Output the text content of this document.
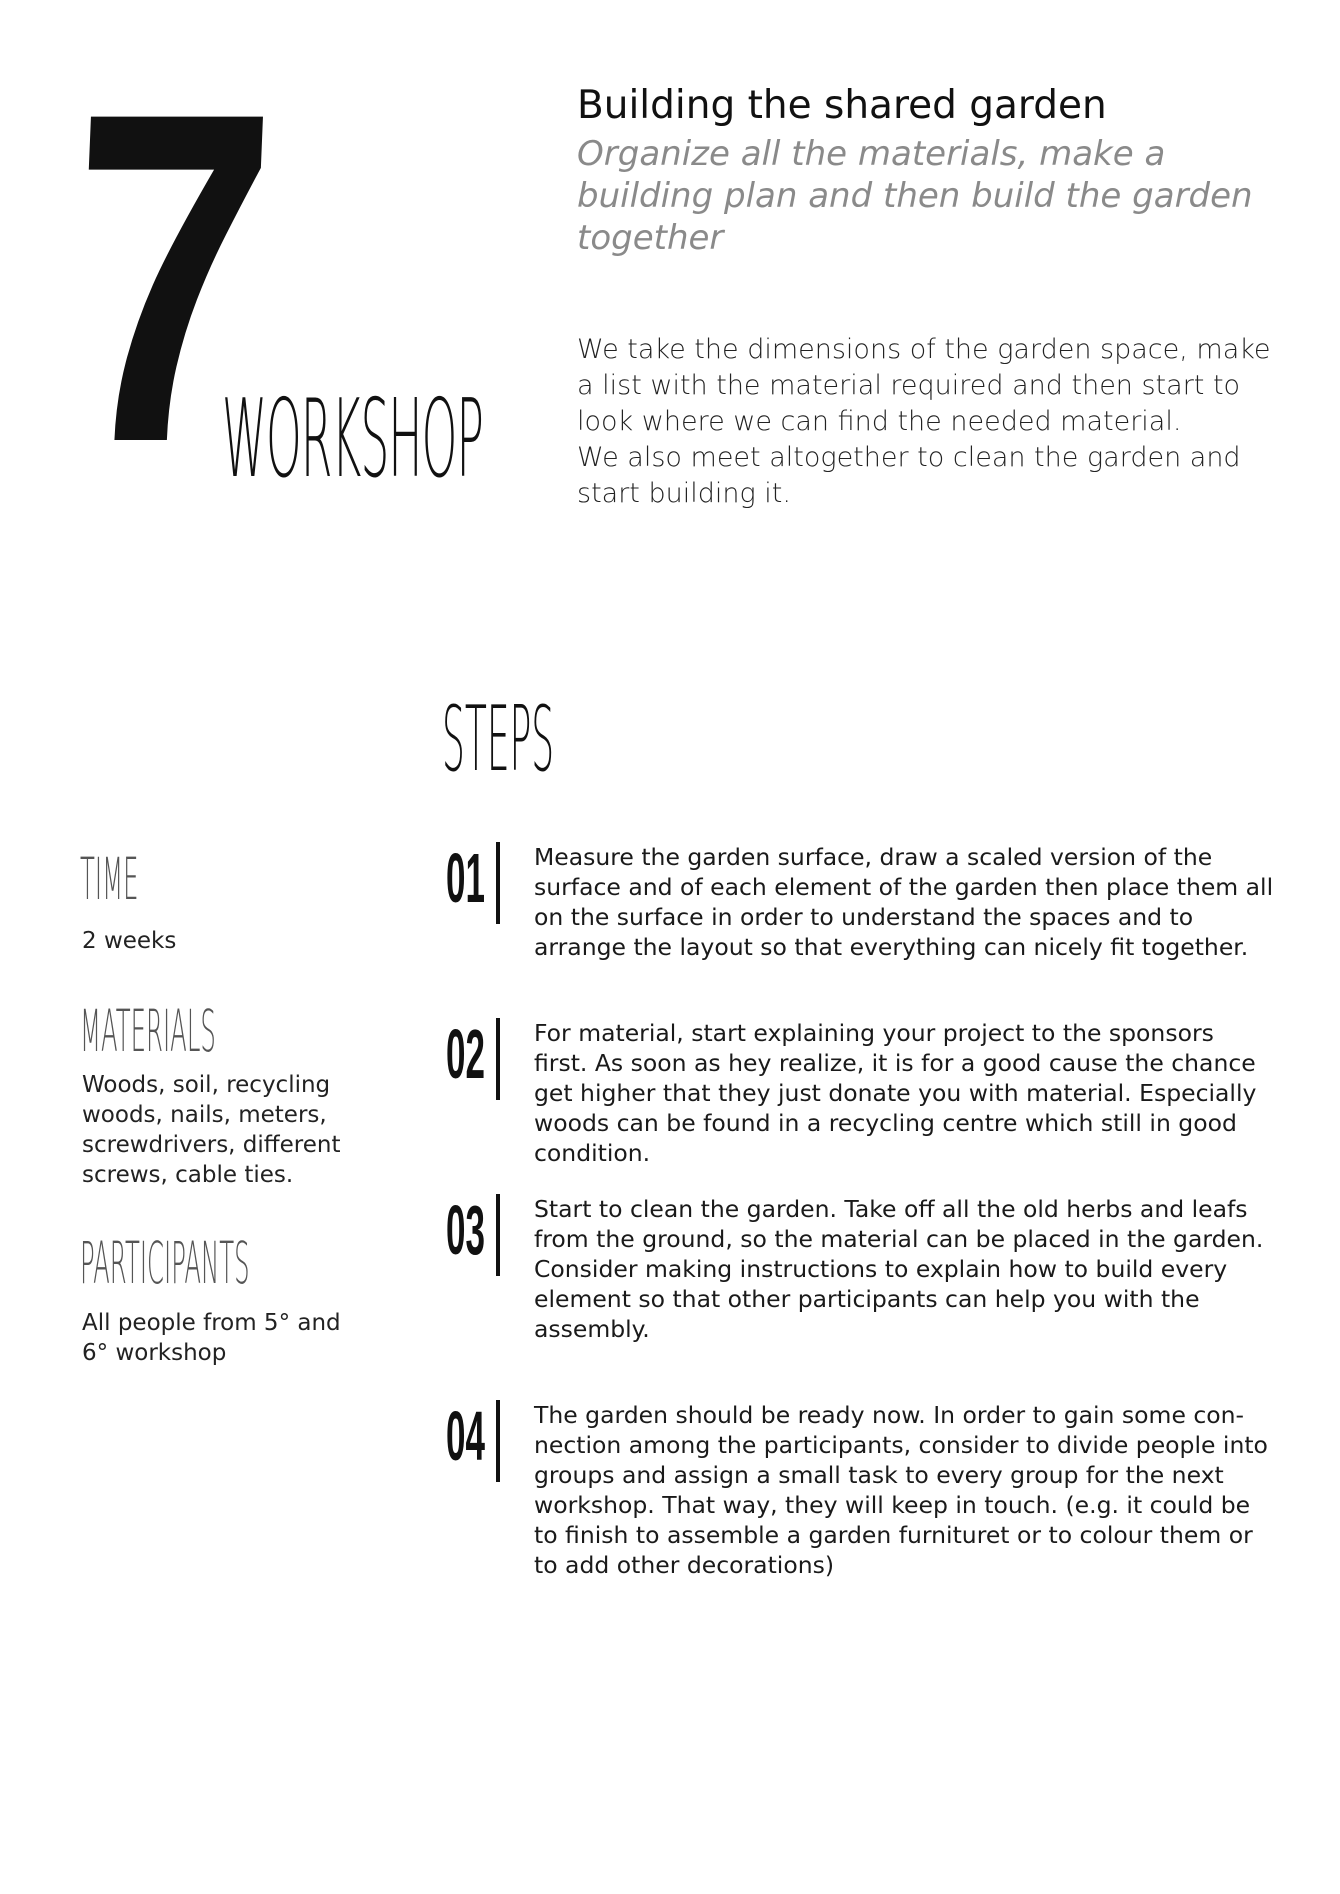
7
WORKSHOP
Building the shared garden
Organize all the materials, make a building plan and then build the garden together

We take the dimensions of the garden space, make a list with the material required and then start to look where we can find the needed material.

We also meet altogether to clean the garden and start building it.

STEPS
TIME
2 weeks
MATERIALS
Woods, soil, recycling woods, nails, meters, screwdrivers, different screws, cable ties.
PARTICIPANTS
All people from 5° and 6° workshop
01 Measure the garden surface, draw a scaled version of the surface and of each element of the garden then place them all on the surface in order to understand the spaces and to arrange the layout so that everything can nicely fit together.
02 For material, start explaining your project to the sponsors first. As soon as hey realize, it is for a good cause the chance get higher that they just donate you with material. Especially woods can be found in a recycling centre which still in good condition.
03 Start to clean the garden. Take off all the old herbs and leafs from the ground, so the material can be placed in the garden. Consider making instructions to explain how to build every element so that other participants can help you with the assembly.
04 The garden should be ready now. In order to gain some con-nection among the participants, consider to divide people into groups and assign a small task to every group for the next workshop. That way, they will keep in touch. (e.g. it could be to finish to assemble a garden furnituret or to colour them or to add other decorations)
